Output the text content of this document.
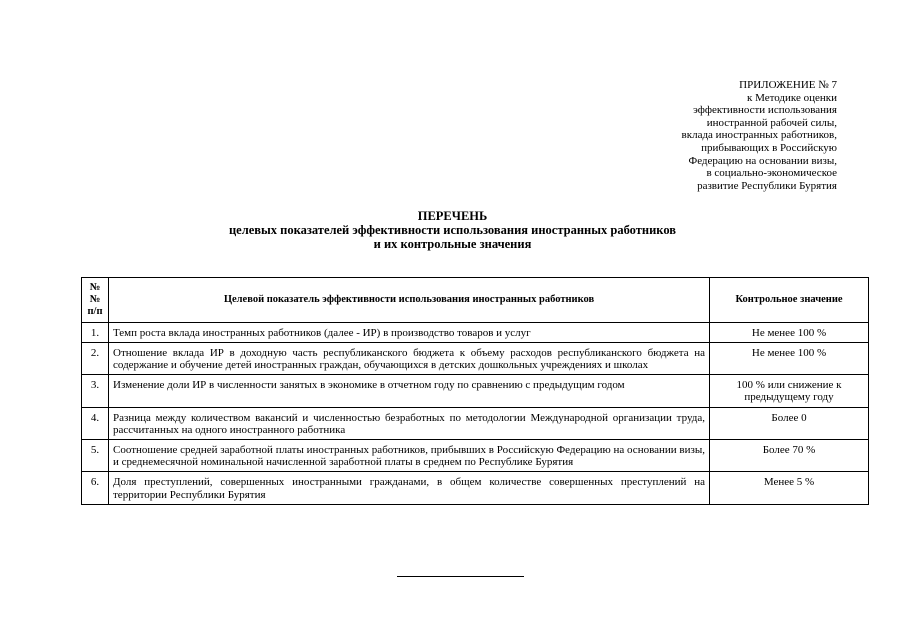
ПРИЛОЖЕНИЕ № 7
к Методике оценки
эффективности использования
иностранной рабочей силы,
вклада иностранных работников,
прибывающих в Российскую
Федерацию на основании визы,
в социально-экономическое
развитие Республики Бурятия
ПЕРЕЧЕНЬ
целевых показателей эффективности использования иностранных работников
и их контрольные значения
№№
п/п	Целевой показатель эффективности использования иностранных работников	Контрольное значение
1.	Темп роста вклада иностранных работников (далее - ИР) в производство товаров и услуг	Не менее 100 %
2.	Отношение вклада ИР в доходную часть республиканского бюджета к объему расходов республиканского бюджета на содержание и обучение детей иностранных граждан, обучающихся в детских дошкольных учреждениях и школах	Не менее 100 %
3.	Изменение доли ИР в численности занятых в экономике в отчетном году по сравнению с предыдущим годом	100 % или снижение к предыдущему году
4.	Разница между количеством вакансий и численностью безработных по методологии Международной организации труда, рассчитанных на одного иностранного работника	Более 0
5.	Соотношение средней заработной платы иностранных работников, прибывших в Российскую Федерацию на основании визы, и среднемесячной номинальной начисленной заработной платы в среднем по Республике Бурятия	Более 70 %
6.	Доля преступлений, совершенных иностранными гражданами, в общем количестве совершенных преступлений на территории Республики Бурятия	Менее 5 %
